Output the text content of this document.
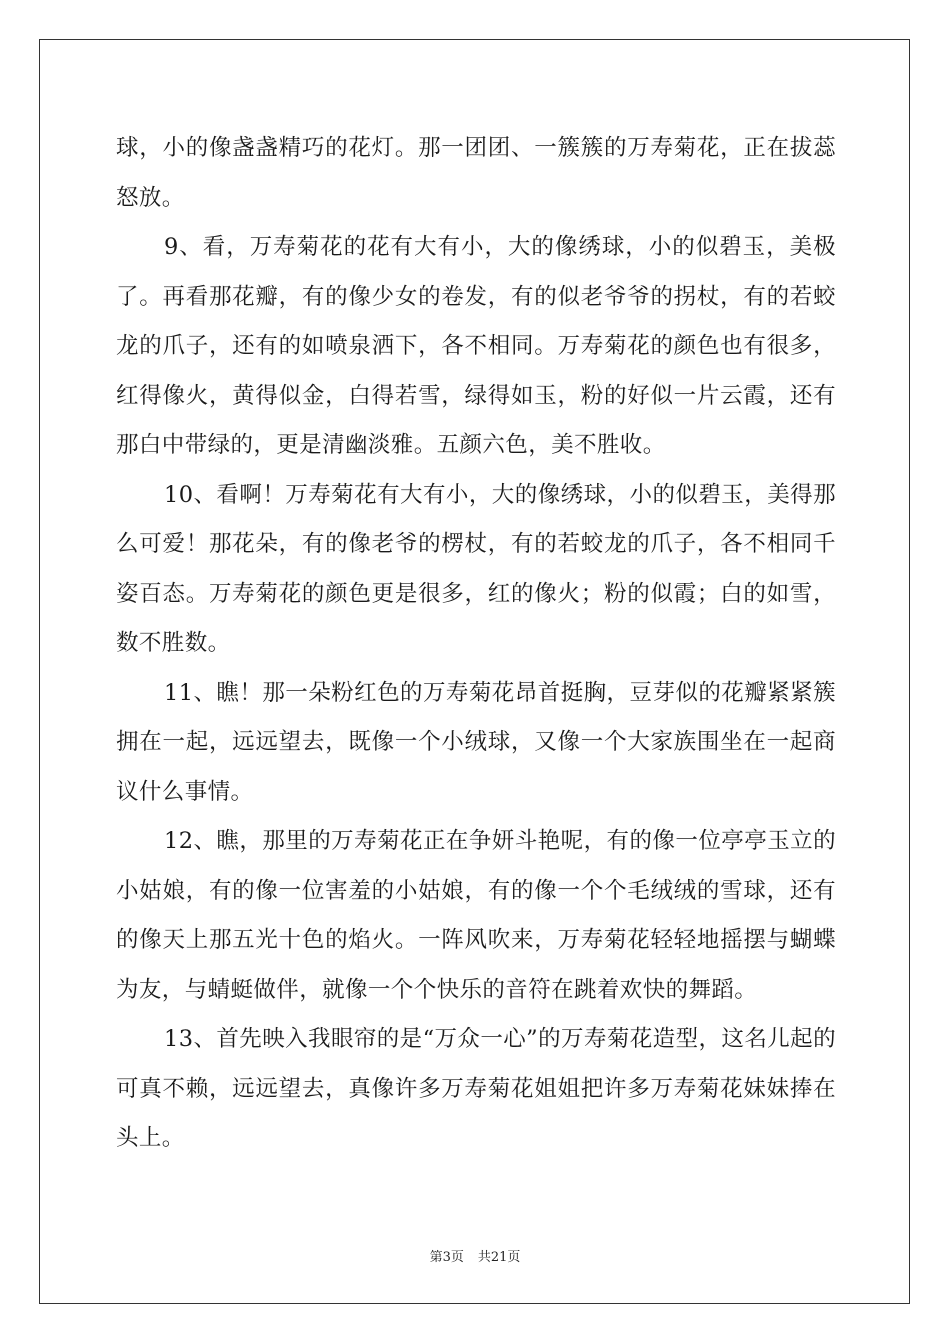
球，小的像盏盏精巧的花灯。那一团团、一簇簇的万寿菊花，正在拔蕊怒放。

9、看，万寿菊花的花有大有小，大的像绣球，小的似碧玉，美极了。再看那花瓣，有的像少女的卷发，有的似老爷爷的拐杖，有的若蛟龙的爪子，还有的如喷泉洒下，各不相同。万寿菊花的颜色也有很多，红得像火，黄得似金，白得若雪，绿得如玉，粉的好似一片云霞，还有那白中带绿的，更是清幽淡雅。五颜六色，美不胜收。

10、看啊！万寿菊花有大有小，大的像绣球，小的似碧玉，美得那么可爱！那花朵，有的像老爷的楞杖，有的若蛟龙的爪子，各不相同千姿百态。万寿菊花的颜色更是很多，红的像火；粉的似霞；白的如雪，数不胜数。

11、瞧！那一朵粉红色的万寿菊花昂首挺胸，豆芽似的花瓣紧紧簇拥在一起，远远望去，既像一个小绒球，又像一个大家族围坐在一起商议什么事情。

12、瞧，那里的万寿菊花正在争妍斗艳呢，有的像一位亭亭玉立的小姑娘，有的像一位害羞的小姑娘，有的像一个个毛绒绒的雪球，还有的像天上那五光十色的焰火。一阵风吹来，万寿菊花轻轻地摇摆与蝴蝶为友，与蜻蜓做伴，就像一个个快乐的音符在跳着欢快的舞蹈。

13、首先映入我眼帘的是“万众一心”的万寿菊花造型，这名儿起的可真不赖，远远望去，真像许多万寿菊花姐姐把许多万寿菊花妹妹捧在头上。

第3页 共21页
